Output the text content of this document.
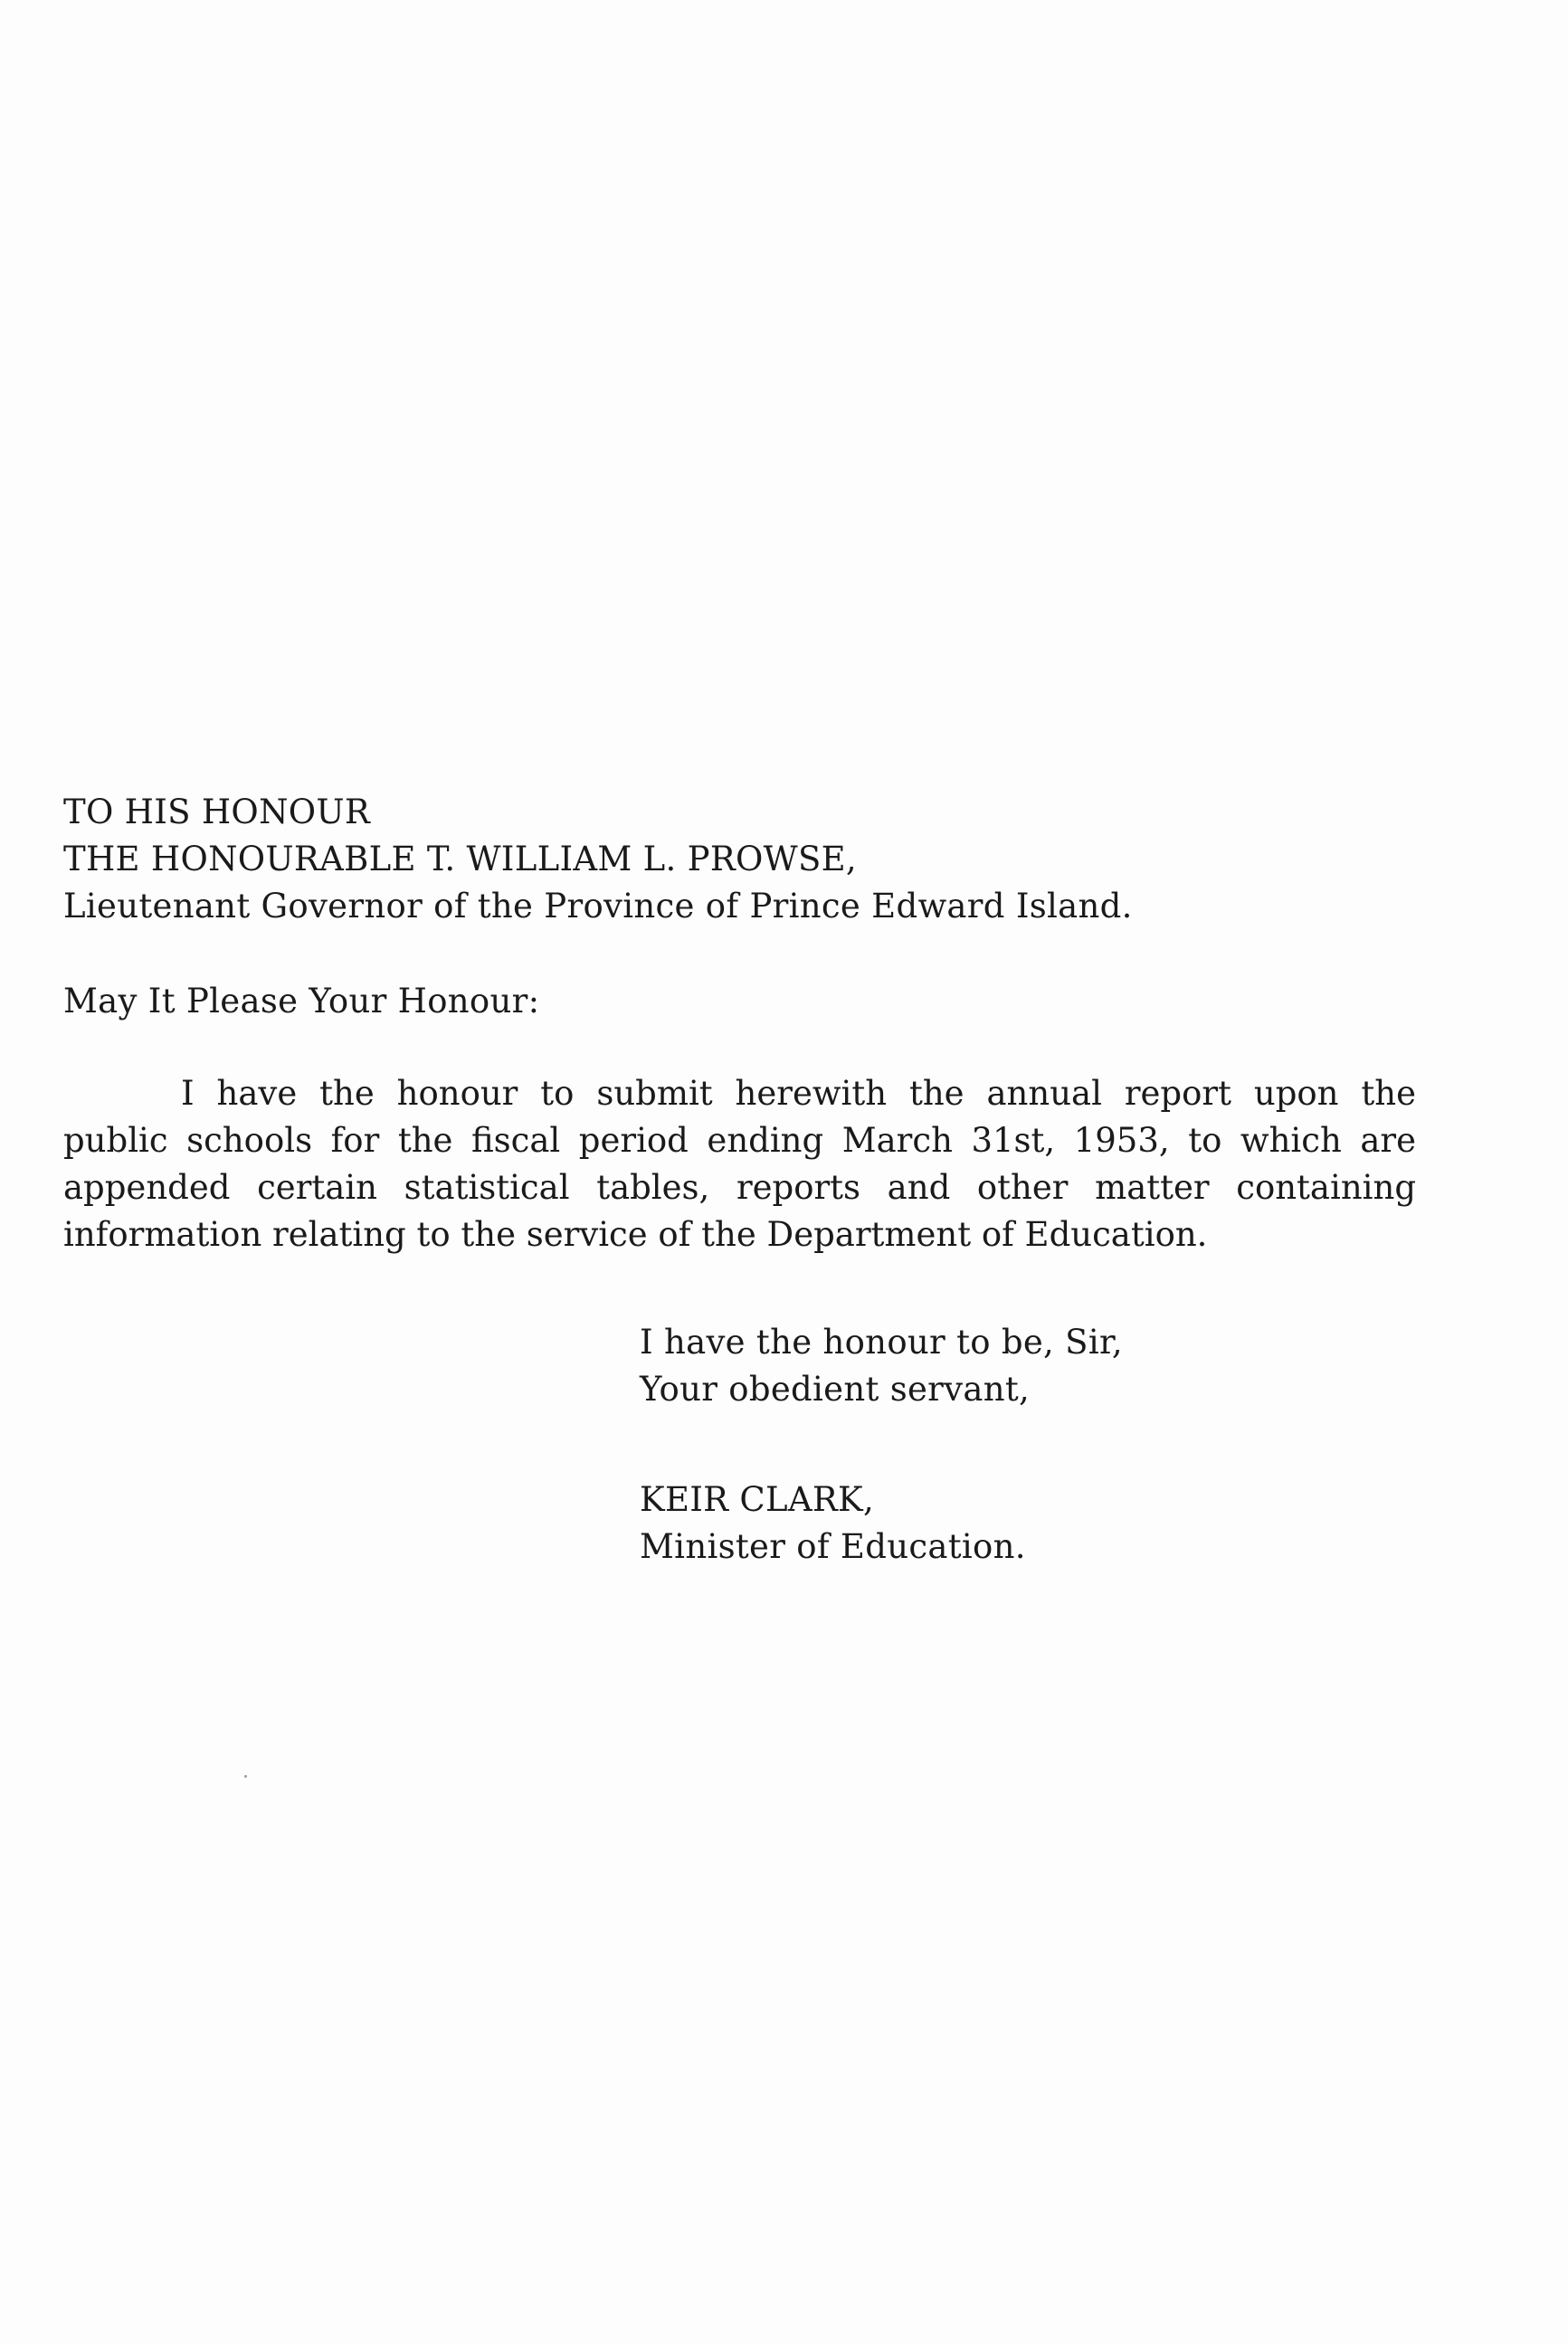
TO HIS HONOUR
THE HONOURABLE T. WILLIAM L. PROWSE,
Lieutenant Governor of the Province of Prince Edward Island.
May It Please Your Honour:
I have the honour to submit herewith the annual report upon the
public schools for the fiscal period ending March 31st, 1953, to which are
appended certain statistical tables, reports and other matter containing
information relating to the service of the Department of Education.
I have the honour to be, Sir,
Your obedient servant,
KEIR CLARK,
Minister of Education.
